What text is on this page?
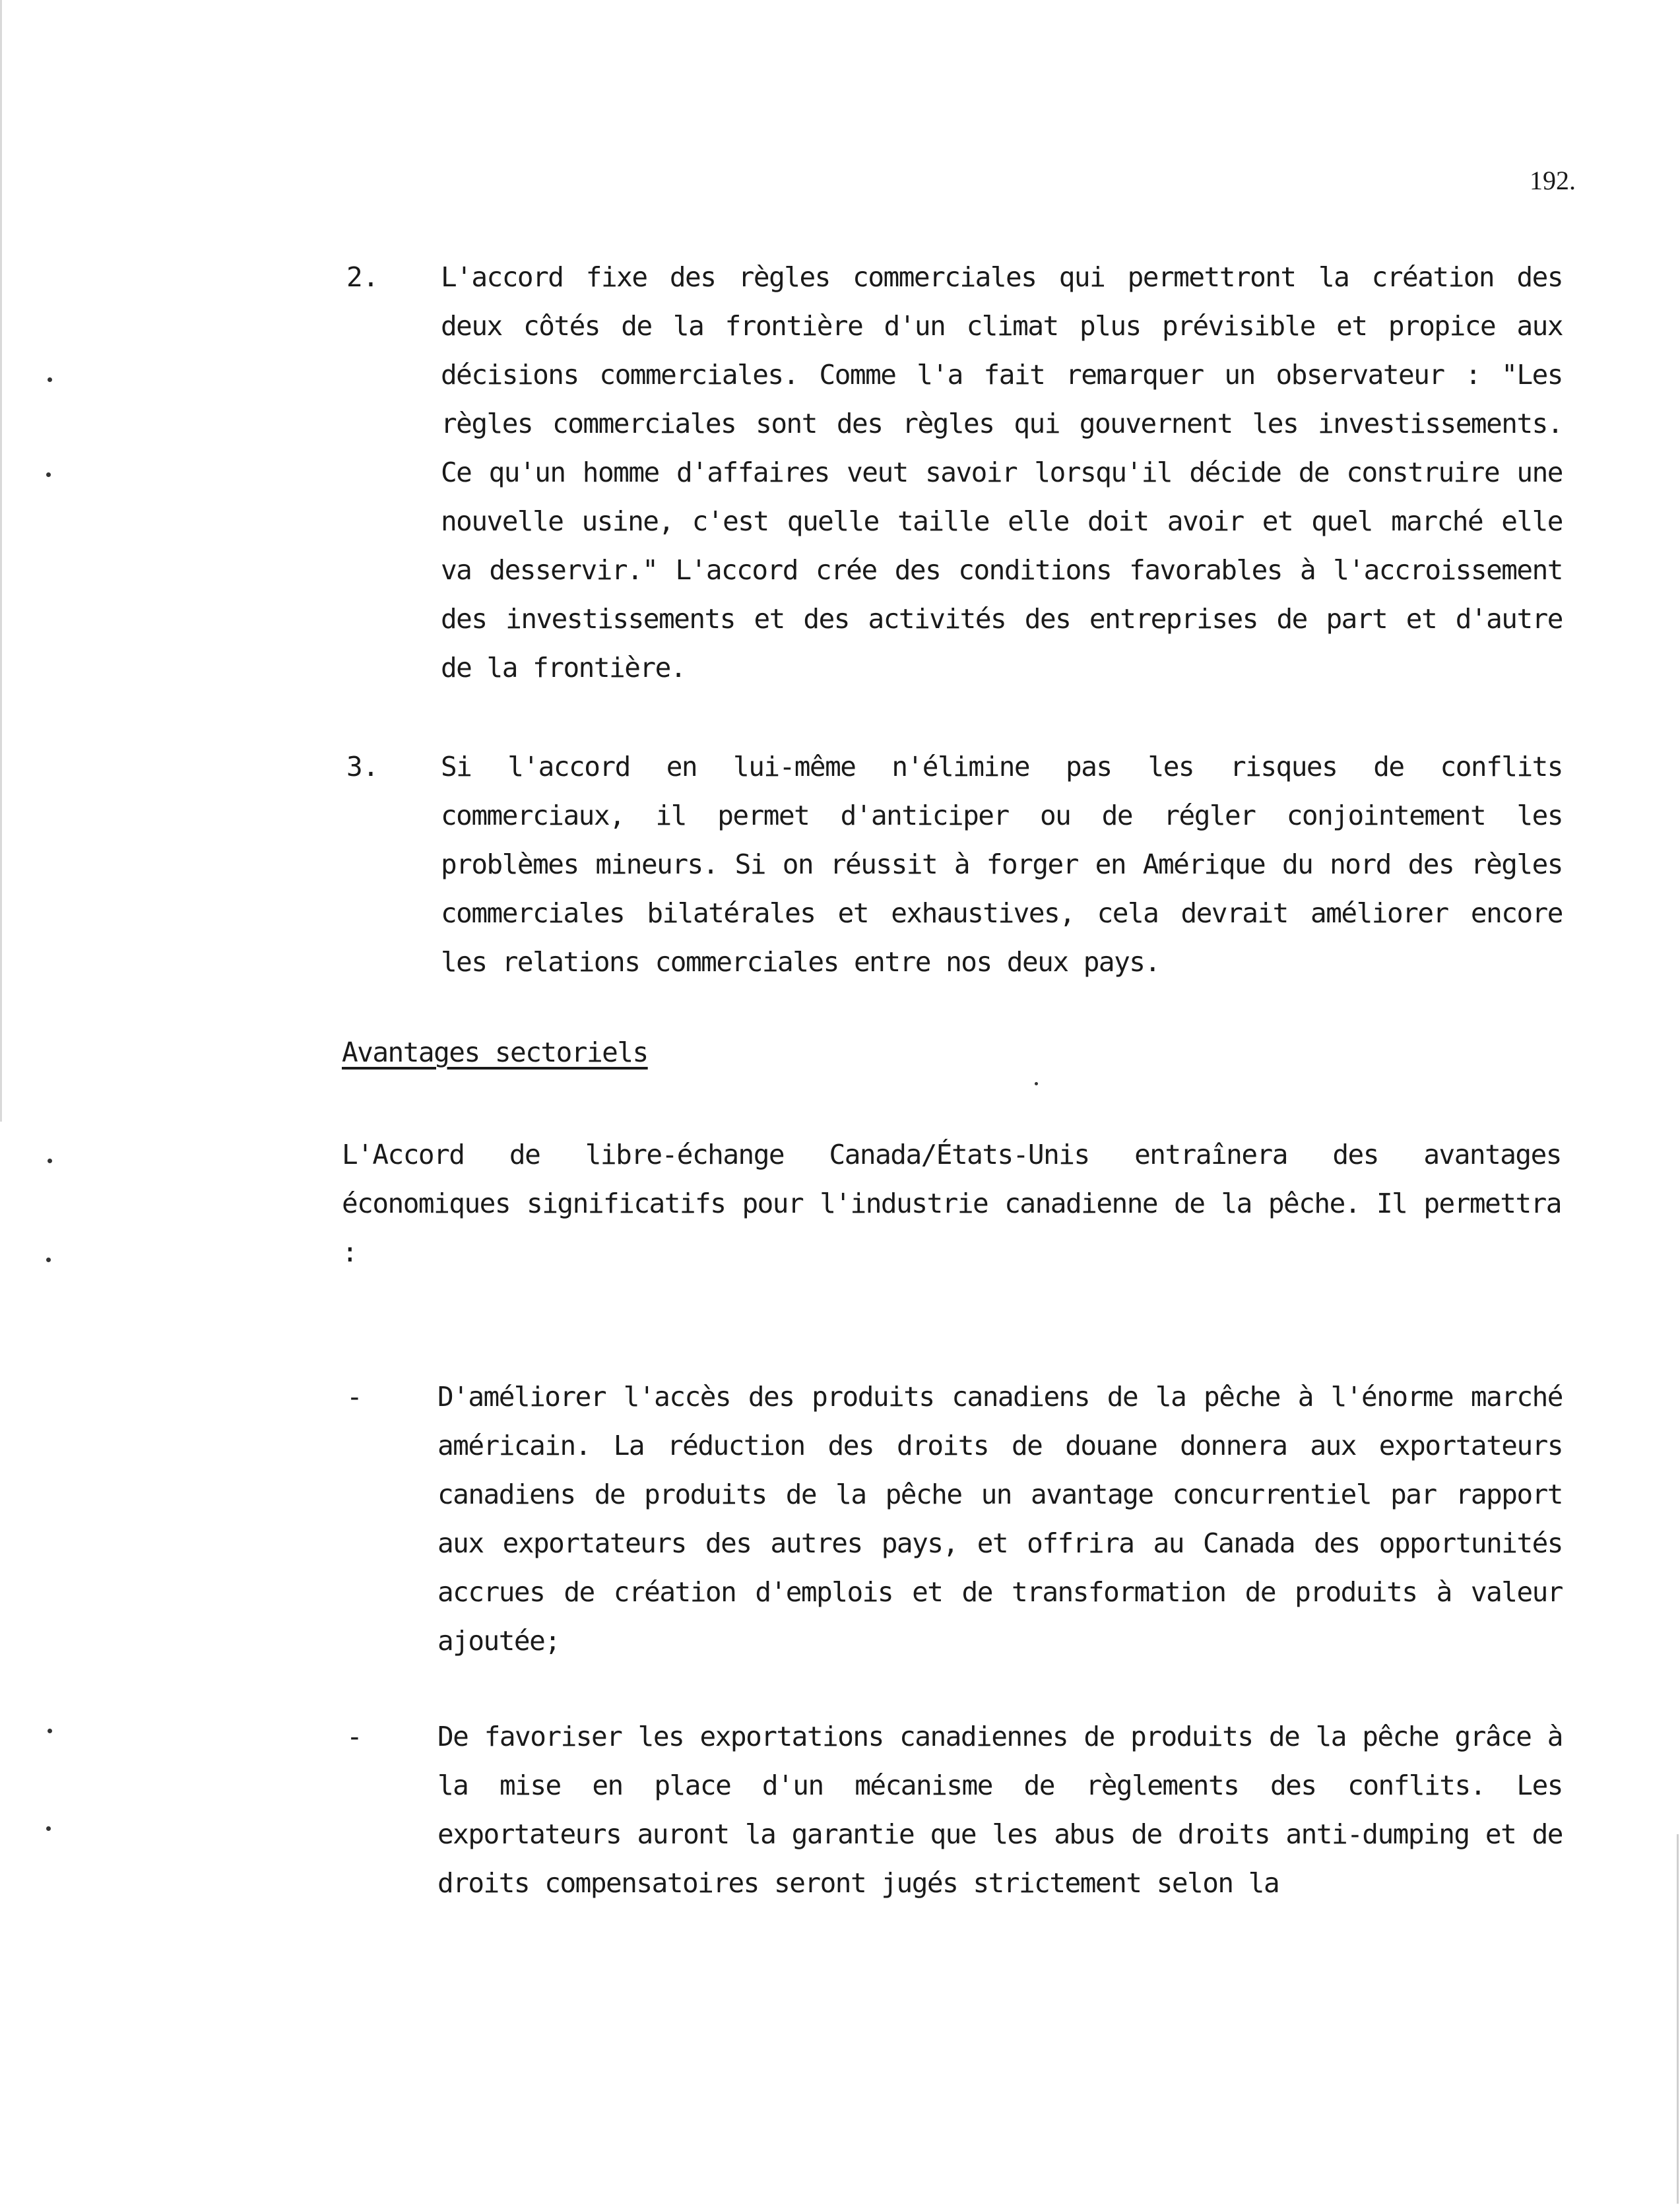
192.
2. L'accord fixe des règles commerciales qui permettront la création des deux côtés de la frontière d'un climat plus prévisible et propice aux décisions commerciales. Comme l'a fait remarquer un observateur : "Les règles commerciales sont des règles qui gouvernent les investissements. Ce qu'un homme d'affaires veut savoir lorsqu'il décide de construire une nouvelle usine, c'est quelle taille elle doit avoir et quel marché elle va desservir." L'accord crée des conditions favorables à l'accroissement des investissements et des activités des entreprises de part et d'autre de la frontière.
3. Si l'accord en lui-même n'élimine pas les risques de conflits commerciaux, il permet d'anticiper ou de régler conjointement les problèmes mineurs. Si on réussit à forger en Amérique du nord des règles commerciales bilatérales et exhaustives, cela devrait améliorer encore les relations commerciales entre nos deux pays.
Avantages sectoriels
L'Accord de libre-échange Canada/États-Unis entraînera des avantages économiques significatifs pour l'industrie canadienne de la pêche. Il permettra :
-	D'améliorer l'accès des produits canadiens de la pêche à l'énorme marché américain. La réduction des droits de douane donnera aux exportateurs canadiens de produits de la pêche un avantage concurrentiel par rapport aux exportateurs des autres pays, et offrira au Canada des opportunités accrues de création d'emplois et de transformation de produits à valeur ajoutée;
-	De favoriser les exportations canadiennes de produits de la pêche grâce à la mise en place d'un mécanisme de règlements des conflits. Les exportateurs auront la garantie que les abus de droits anti-dumping et de droits compensatoires seront jugés strictement selon la
